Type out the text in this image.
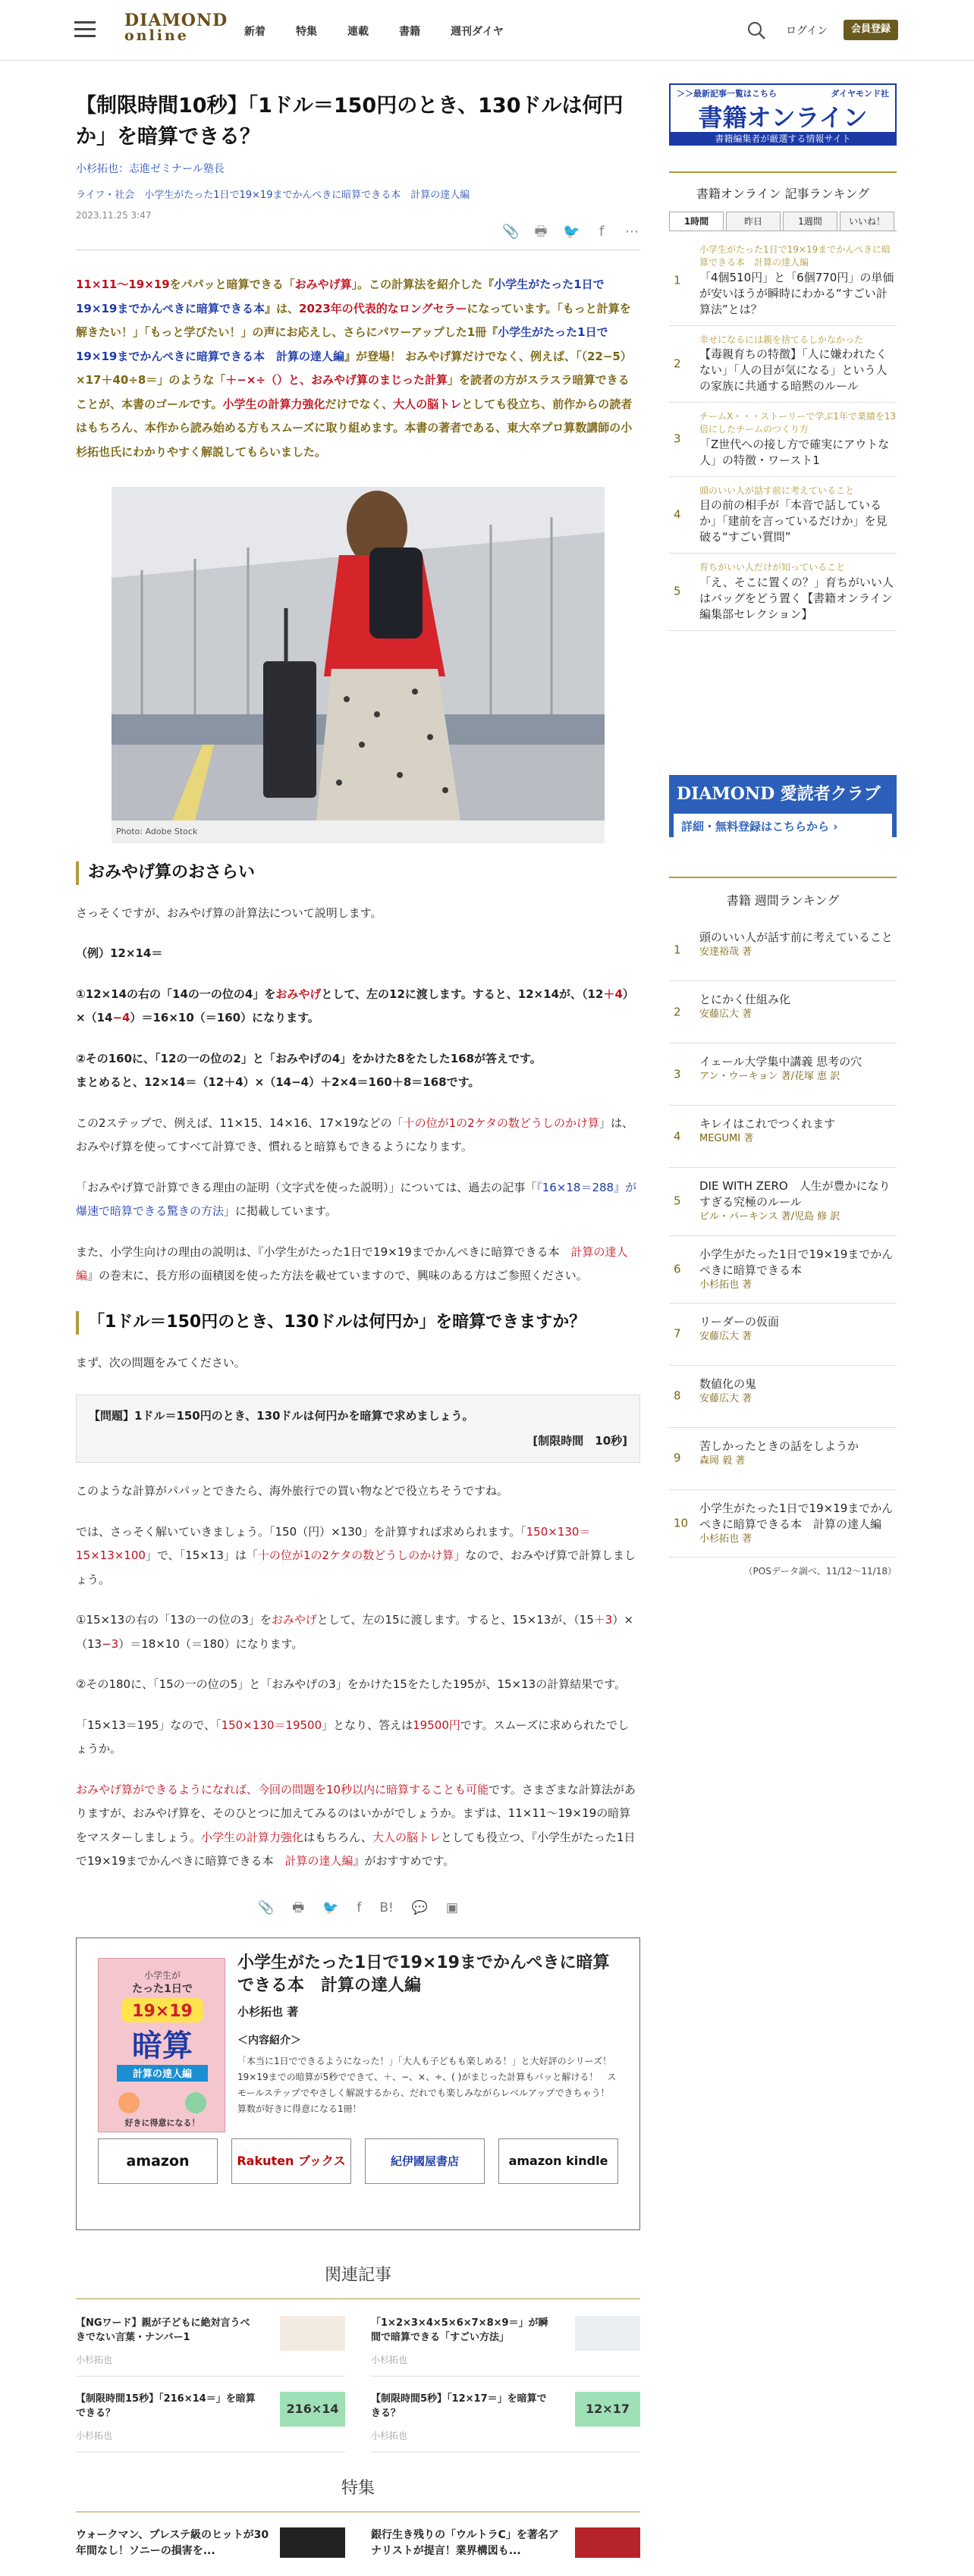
DIAMOND
online	新着	特集	連載	書籍	週刊ダイヤ	ログイン	会員登録
【制限時間10秒】「1ドル＝150円のとき、130ドルは何円か」を暗算できる？
小杉拓也：志進ゼミナール塾長
ライフ・社会　小学生がたった1日で19×19までかんぺきに暗算できる本　計算の達人編
2023.11.25 3:47
📎 🖶 🐦	f	⋯

11×11～19×19をパパッと暗算できる「おみやげ算」。この計算法を紹介した『小学生がたった1日で19×19までかんぺきに暗算できる本』は、2023年の代表的なロングセラーになっています。「もっと計算を解きたい！」「もっと学びたい！」の声にお応えし、さらにパワーアップした1冊『小学生がたった1日で19×19までかんぺきに暗算できる本　計算の達人編』が登場！ おみやげ算だけでなく、例えば、「（22−5）×17＋40÷8＝」のような「＋−×÷（）と、おみやげ算のまじった計算」を読者の方がスラスラ暗算できることが、本書のゴールです。小学生の計算力強化だけでなく、大人の脳トレとしても役立ち、前作からの読者はもちろん、本作から読み始める方もスムーズに取り組めます。本書の著者である、東大卒プロ算数講師の小杉拓也氏にわかりやすく解説してもらいました。

Photo: Adobe Stock
おみやげ算のおさらい

さっそくですが、おみやげ算の計算法について説明します。

（例）12×14＝

①12×14の右の「14の一の位の4」をおみやげとして、左の12に渡します。すると、12×14が、（12＋4）×（14−4）＝16×10（＝160）になります。

②その160に、「12の一の位の2」と「おみやげの4」をかけた8をたした168が答えです。
まとめると、12×14＝（12＋4）×（14−4）＋2×4＝160＋8＝168です。

この2ステップで、例えば、11×15、14×16、17×19などの「十の位が1の2ケタの数どうしのかけ算」は、おみやげ算を使ってすべて計算でき、慣れると暗算もできるようになります。

「おみやげ算で計算できる理由の証明（文字式を使った説明）」については、過去の記事「『16×18＝288』が爆速で暗算できる驚きの方法」に掲載しています。

また、小学生向けの理由の説明は、『小学生がたった1日で19×19までかんぺきに暗算できる本　計算の達人編』の巻末に、長方形の面積図を使った方法を載せていますので、興味のある方はご参照ください。

「1ドル＝150円のとき、130ドルは何円か」を暗算できますか？

まず、次の問題をみてください。

【問題】1ドル＝150円のとき、130ドルは何円かを暗算で求めましょう。
[制限時間　10秒]

このような計算がパパッとできたら、海外旅行での買い物などで役立ちそうですね。

では、さっそく解いていきましょう。「150（円）×130」を計算すれば求められます。「150×130＝15×13×100」で、「15×13」は「十の位が1の2ケタの数どうしのかけ算」なので、おみやげ算で計算しましょう。

①15×13の右の「13の一の位の3」をおみやげとして、左の15に渡します。すると、15×13が、（15＋3）×（13−3）＝18×10（＝180）になります。

②その180に、「15の一の位の5」と「おみやげの3」をかけた15をたした195が、15×13の計算結果です。

「15×13＝195」なので、「150×130＝19500」となり、答えは19500円です。スムーズに求められたでしょうか。

おみやげ算ができるようになれば、今回の問題を10秒以内に暗算することも可能です。さまざまな計算法がありますが、おみやげ算を、そのひとつに加えてみるのはいかがでしょうか。まずは、11×11～19×19の暗算をマスターしましょう。小学生の計算力強化はもちろん、大人の脳トレとしても役立つ、『小学生がたった1日で19×19までかんぺきに暗算できる本　計算の達人編』がおすすめです。

📎 🖶 🐦 f B! 💬 ▣
小学生が
たった1日で
19×19
暗算
計算の達人編
好きに得意になる！
小学生がたった1日で19×19までかんぺきに暗算できる本　計算の達人編
小杉拓也 著
＜内容紹介＞
「本当に1日でできるようになった！」「大人も子どもも楽しめる！」と大好評のシリーズ！　19×19までの暗算が5秒でできて、＋、−、×、÷、( )がまじった計算もパッと解ける！　スモールステップでやさしく解説するから、だれでも楽しみながらレベルアップできちゃう！　算数が好きに得意になる1冊！
amazon	Rakuten ブックス	紀伊國屋書店	amazon kindle
関連記事
【NGワード】親が子どもに絶対言うべきでない言葉・ナンバー1
小杉拓也
「1×2×3×4×5×6×7×8×9＝」が瞬間で暗算できる「すごい方法」
小杉拓也
【制限時間15秒】「216×14＝」を暗算できる？
小杉拓也
216×14
【制限時間5秒】「12×17＝」を暗算できる？
小杉拓也
12×17
特集
ウォークマン、プレステ級のヒットが30年間なし！ソニーの損害を...
銀行生き残りの「ウルトラC」を著名アナリストが提言！業界構図も...
＞＞最新記事一覧はこちら	ダイヤモンド社
書籍オンライン
書籍編集者が厳選する情報サイト
書籍オンライン 記事ランキング
1時間	昨日	1週間	いいね！
1
小学生がたった1日で19×19までかんぺきに暗算できる本　計算の達人編
「4個510円」と「6個770円」の単価が安いほうが瞬時にわかる“すごい計算法”とは？
2
幸せになるには親を捨てるしかなかった
【毒親育ちの特徴】「人に嫌われたくない」「人の目が気になる」という人の家族に共通する暗黙のルール
3
チームX・・・ストーリーで学ぶ1年で業績を13倍にしたチームのつくり方
「Z世代への接し方で確実にアウトな人」の特徴・ワースト1
4
頭のいい人が話す前に考えていること
目の前の相手が「本音で話しているか」「建前を言っているだけか」を見破る“すごい質問”
5
育ちがいい人だけが知っていること
「え、そこに置くの？」育ちがいい人はバッグをどう置く【書籍オンライン編集部セレクション】
DIAMOND 愛読者クラブ
詳細・無料登録はこちらから ›
書籍 週間ランキング
1
頭のいい人が話す前に考えていること
安達裕哉 著
2
とにかく仕組み化
安藤広大 著
3
イェール大学集中講義 思考の穴
アン・ウーキョン 著/花塚 恵 訳
4
キレイはこれでつくれます
MEGUMI 著
5
DIE WITH ZERO　人生が豊かになりすぎる究極のルール
ビル・パーキンス 著/児島 修 訳
6
小学生がたった1日で19×19までかんぺきに暗算できる本
小杉拓也 著
7
リーダーの仮面
安藤広大 著
8
数値化の鬼
安藤広大 著
9
苦しかったときの話をしようか
森岡 毅 著
10
小学生がたった1日で19×19までかんぺきに暗算できる本　計算の達人編
小杉拓也 著
（POSデータ調べ、11/12〜11/18）
